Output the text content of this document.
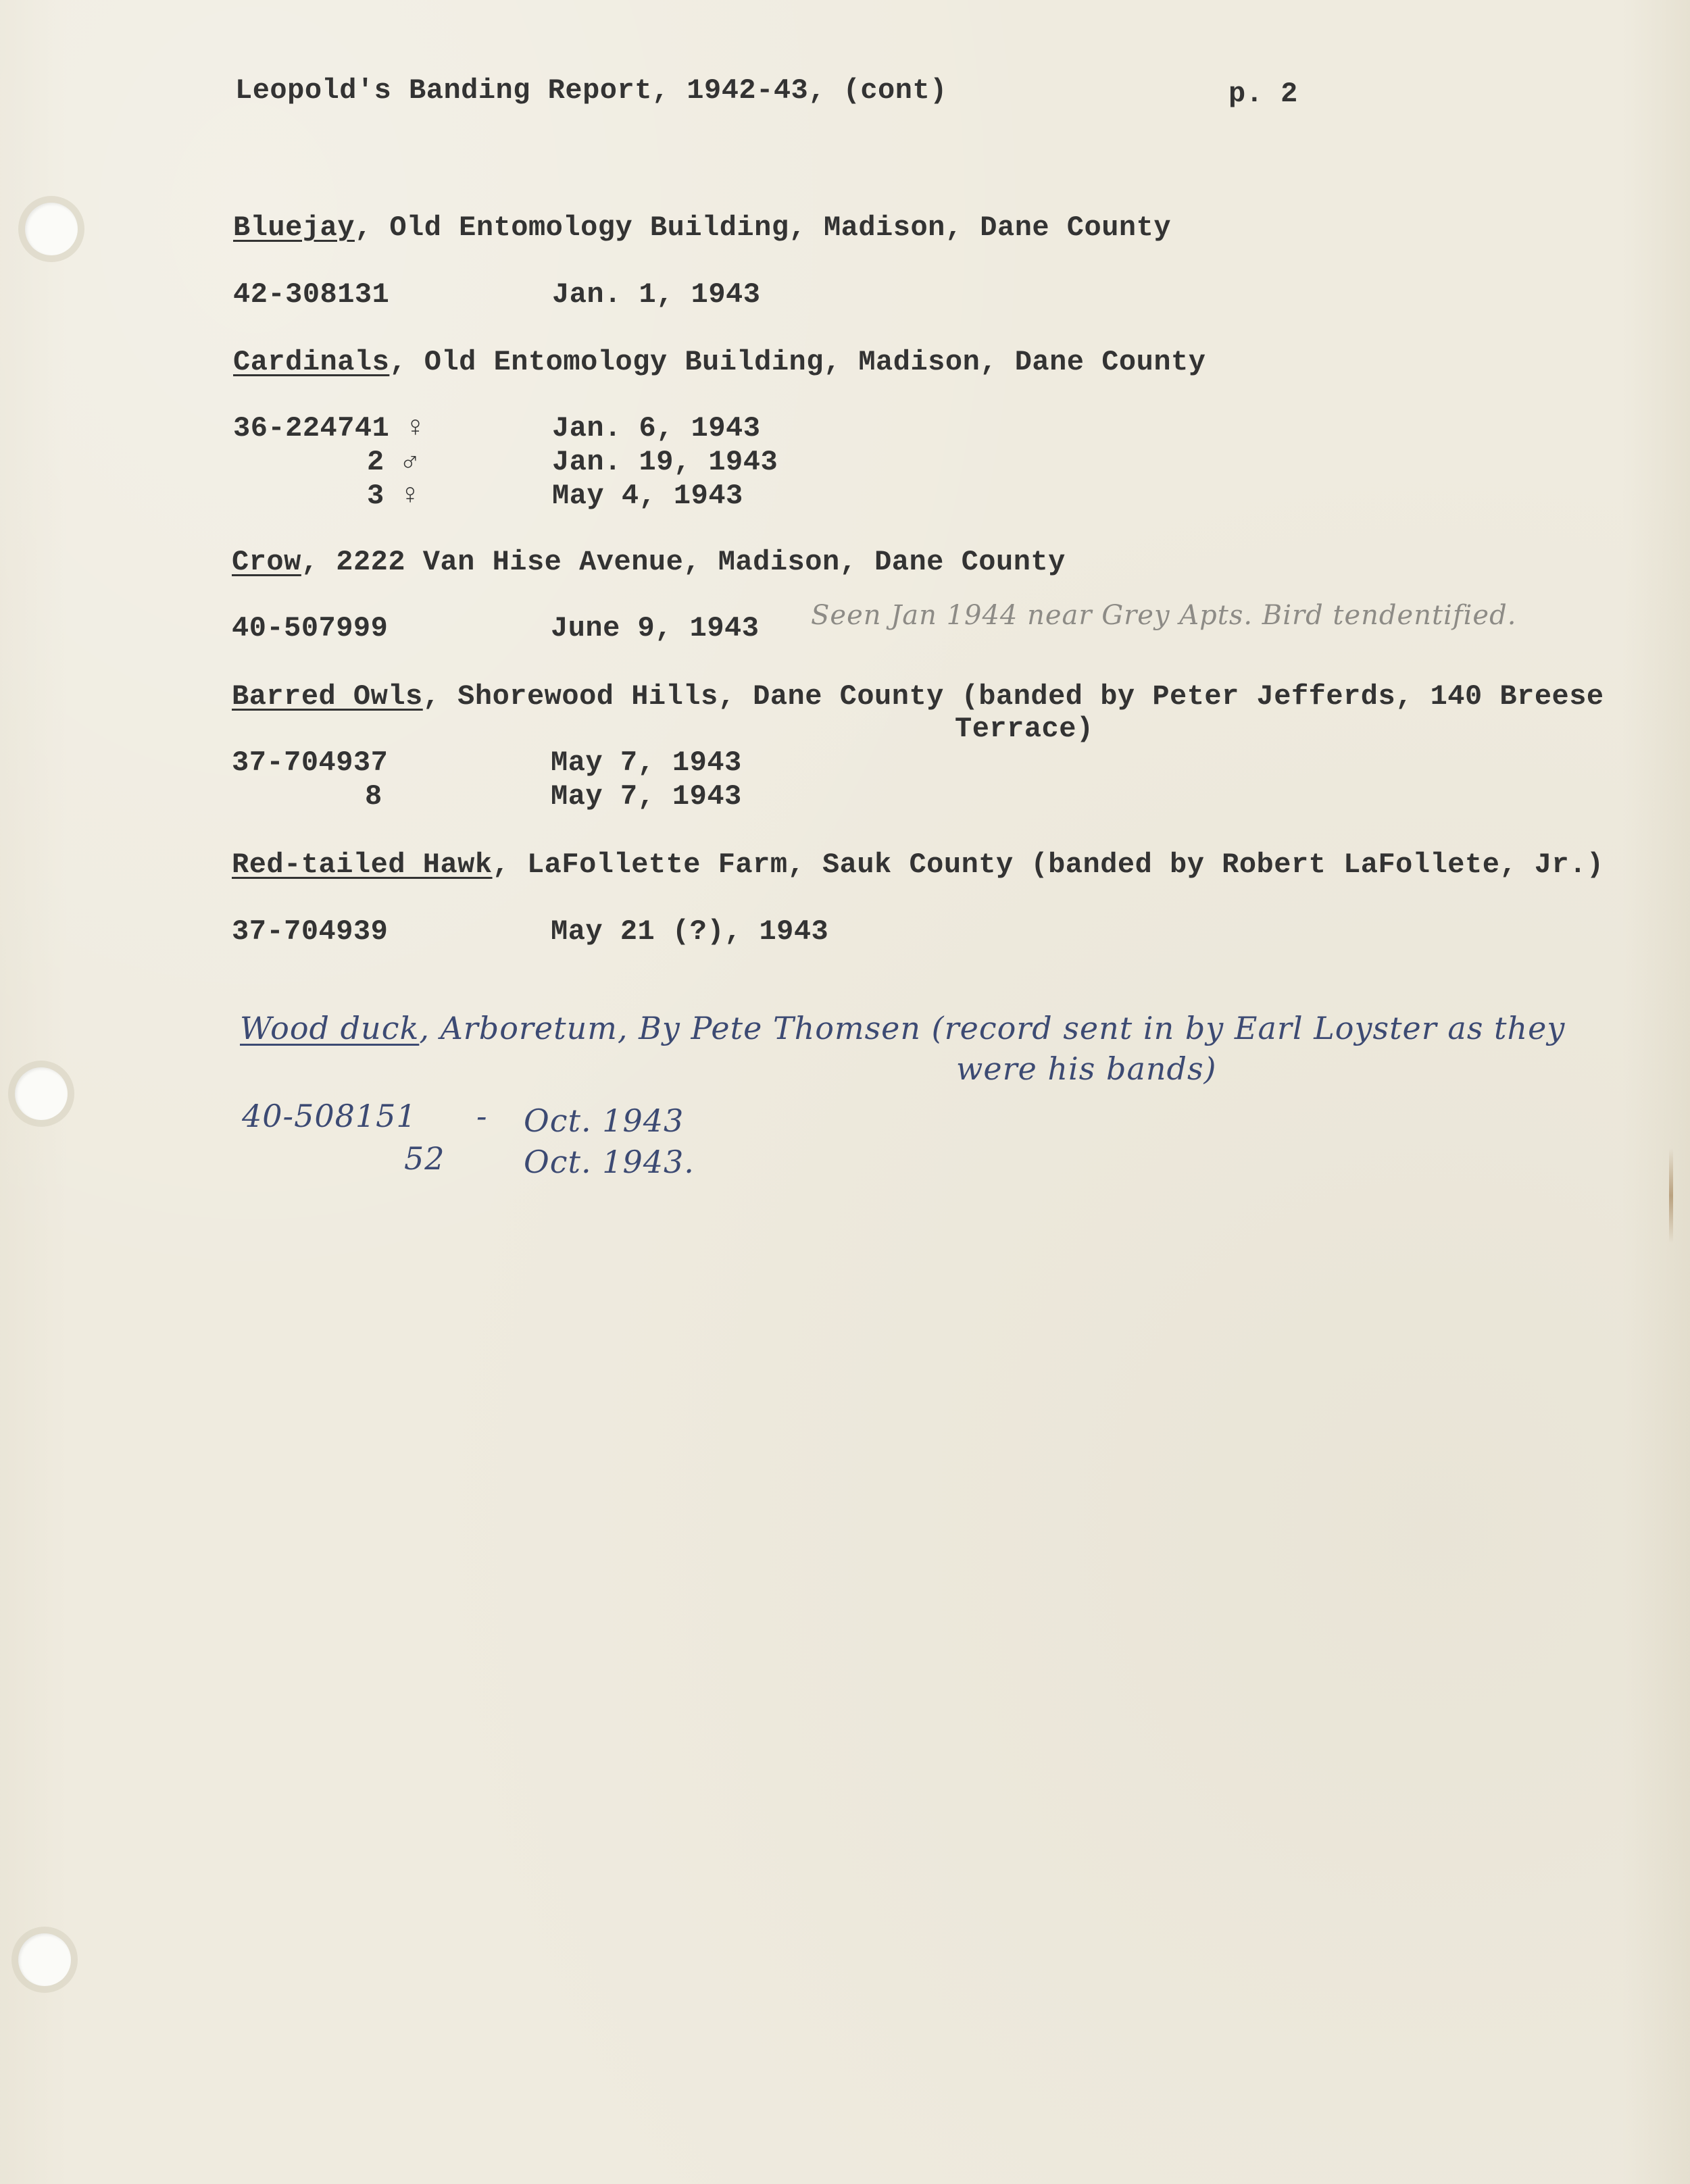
Leopold's Banding Report, 1942-43, (cont)	p. 2
Bluejay, Old Entomology Building, Madison, Dane County
42-308131	Jan. 1, 1943
Cardinals, Old Entomology Building, Madison, Dane County
36-224741 ♀	Jan. 6, 1943
2 ♂	Jan. 19, 1943
3 ♀	May 4, 1943
Crow, 2222 Van Hise Avenue, Madison, Dane County
40-507999	June 9, 1943 Seen Jan 1944 near Grey Apts. Bird tendentified.
Barred Owls, Shorewood Hills, Dane County (banded by Peter Jefferds, 140 Breese
Terrace)
37-704937	May 7, 1943
8	May 7, 1943
Red-tailed Hawk, LaFollette Farm, Sauk County (banded by Robert LaFollete, Jr.)
37-704939	May 21 (?), 1943
Wood duck, Arboretum, By Pete Thomsen (record sent in by Earl Loyster as they
were his bands)
40-508151 - Oct. 1943
52	Oct. 1943.
